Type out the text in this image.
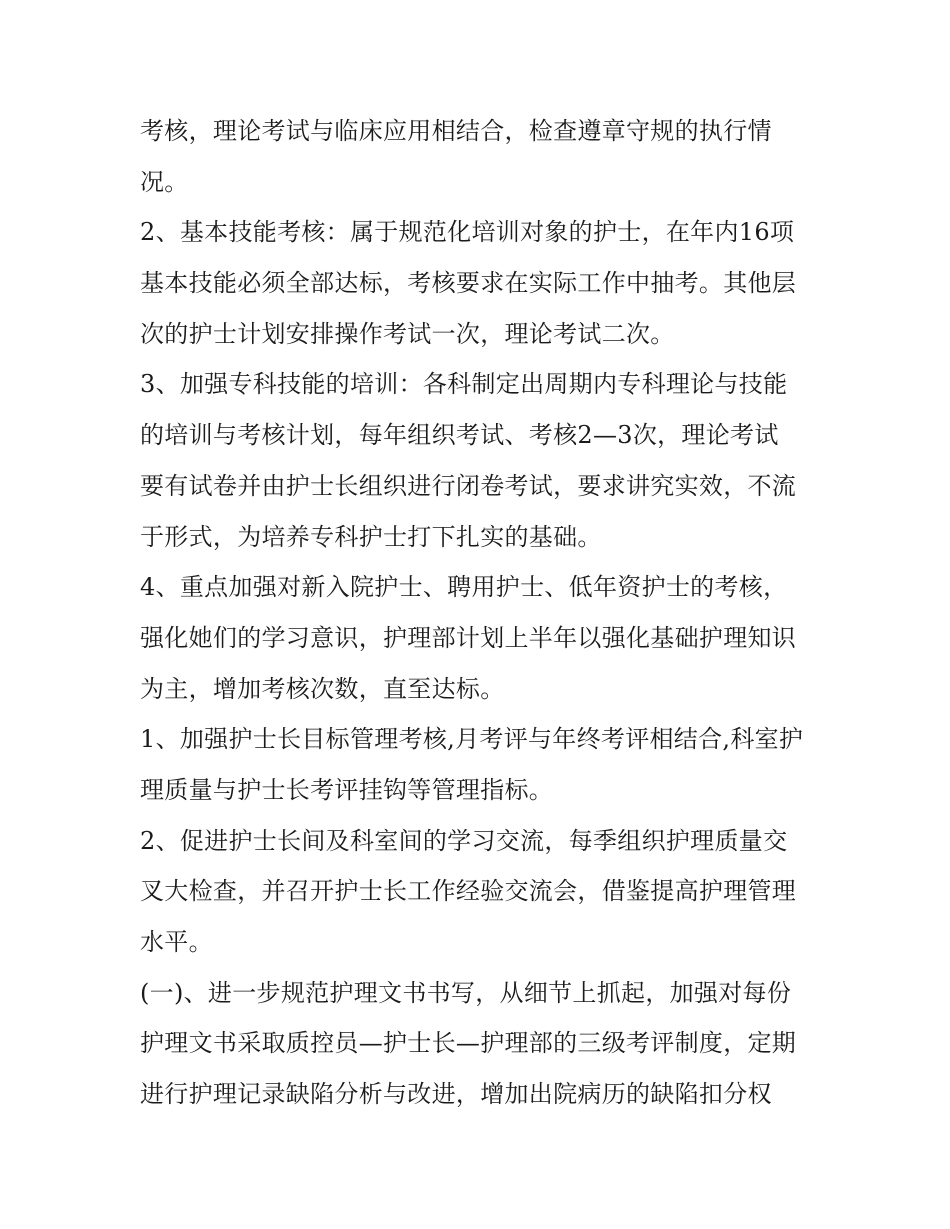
考核，理论考试与临床应用相结合，检查遵章守规的执行情
况。
2、基本技能考核：属于规范化培训对象的护士，在年内16项
基本技能必须全部达标，考核要求在实际工作中抽考。其他层
次的护士计划安排操作考试一次，理论考试二次。
3、加强专科技能的培训：各科制定出周期内专科理论与技能
的培训与考核计划，每年组织考试、考核2—3次，理论考试
要有试卷并由护士长组织进行闭卷考试，要求讲究实效，不流
于形式，为培养专科护士打下扎实的基础。
4、重点加强对新入院护士、聘用护士、低年资护士的考核，
强化她们的学习意识，护理部计划上半年以强化基础护理知识
为主，增加考核次数，直至达标。
1、加强护士长目标管理考核,月考评与年终考评相结合,科室护
理质量与护士长考评挂钩等管理指标。
2、促进护士长间及科室间的学习交流，每季组织护理质量交
叉大检查，并召开护士长工作经验交流会，借鉴提高护理管理
水平。
(一)、进一步规范护理文书书写，从细节上抓起，加强对每份
护理文书采取质控员—护士长—护理部的三级考评制度，定期
进行护理记录缺陷分析与改进，增加出院病历的缺陷扣分权
